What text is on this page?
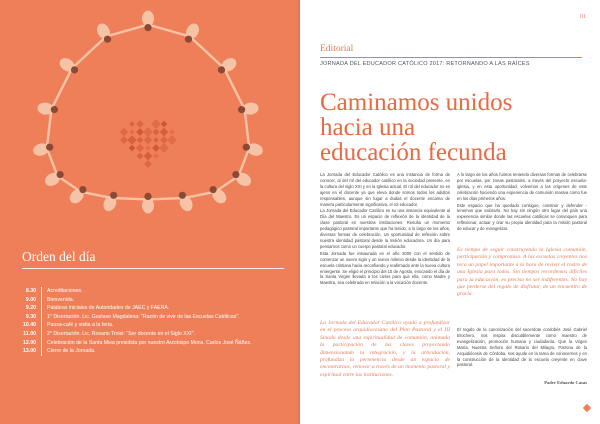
Orden del día
8.30 Acreditaciones.
9.00 Bienvenida.
9.20 Palabras iniciales de Autoridades de JAEC y FAERA.
9.30 1° Disertación. Lic. Gustavo Magdalena: "Razón de vivir de las Escuelas Católicas".
10.40 Pausa-café y visita a la feria.
11.00 2° Disertación. Lic. Rosario Troisi: "Ser docente en el Siglo XXI".
12.00 Celebración de la Santa Misa presidida por nuestro Arzobispo Mons. Carlos José Ñáñez.
13.00 Cierre de la Jornada.
01
Editorial
JORNADA DEL EDUCADOR CATÓLICO 2017: RETORNANDO A LAS RAÍCES
Caminamos unidos
hacia una
educación fecunda

La Jornada del Educador Católico es una instancia de forma de conocer, al del rol del educador católico en la sociedad presente, en la cultura del siglo XXI y en la Iglesia actual. El rol del educador no es ajeno en el docente ya que eleva donde somos todos los adultos responsables, aunque sin lugar a dudas el docente encarna de manera particularmente significativa, el rol educador.

La Jornada del Educador Católico es su una instancia equivalente al Día del Maestro. Es un espacio de reflexión de la identidad de la clase pastoral en nuestras instituciones. Resulta un momento pedagógico pastoral importante que ha tenido, a lo largo de los años, diversas formas de celebración. Un oportunidad de reflexión sobre nuestra identidad pastoral desde la misión educadora. Un día para pensarnos como un cuerpo pastoral educador.

Esta Jornada fue instaurada en el año 2000 con el sentido de comenzar un nuevo siglo y un nuevo milenio desde la identidad de la escuela cristiana hacia reconfiando y reafirmado ante la nueva cultura emergente. Se eligió el principio del 15 de Agosto, evocando el día de la Santa Virgen llevada a los cielos para que ella, como Madre y Maestra, sea celebrada en relación a la vocación docente.

La Jornada del Educador Católico ayudó a profundizar en el proceso arquidiocesano del Plan Pastoral y el III Sínodo desde una espiritualidad de comunión, animada la participación de las claves proyectando dimensionando la integración, y la articulación, profundiza la pertenencia desde un espacio de encontrarnos, renovar a través de un momento pastoral y espiritual entre las instituciones.

A lo largo de los años fuimos teniendo diversas formas de celebrarse por escuelas, por zonas pastorales, a través del proyecto escuela-iglesia, y en esta oportunidad, volvemos a las orígenes de este celebración haciendo una experiencia de comunión masiva como fue en los días primeros años.

Este espacio que ha quedado consigue, construir y defender -tenemos que valorarlo. No hay sin ningún otro lugar del país una experiencia similar donde las escuelas católicas se convoquen para reflexionar, actuar y orar su propia identidad para la misión pastoral de educar y de evangelizar.

Es tiempo de seguir construyendo la Iglesia comunión, participación y compromiso. A las escuelas creyentes nos toca un papel importante a la hora de revivir el rostro de una Iglesia para todos. Sin tiempos recordemos difíciles para la educación, es preciso no ser indiferentes. No hay que perderse del regalo de disfrutar, de un encuentro de gracia.

El regalo de la canonización del sacerdote cordobés José Gabriel Brochero, nos inspira discutiblemente como maestro de evangelización, promoción humana y ciudadanía. Que la Virgen María, Nuestra Señora del Rosario del Milagro, Patrona de la Arquidiócesis de Córdoba, nos ayude en la tarea de conocernos y en la construcción de la identidad de la escuela creyente en clave pastoral.

Padre Eduardo Casas
